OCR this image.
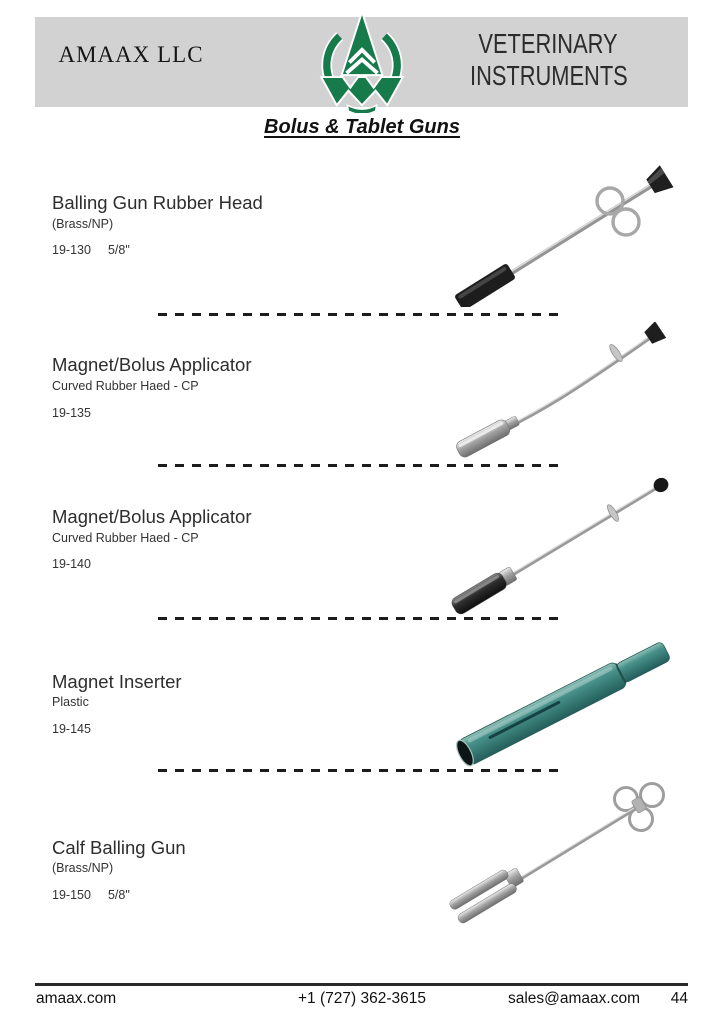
AMAAX LLC	VETERINARY
INSTRUMENTS
Bolus & Tablet Guns
Balling Gun Rubber Head
(Brass/NP)
19-130 5/8"
Magnet/Bolus Applicator
Curved Rubber Haed - CP
19-135
Magnet/Bolus Applicator
Curved Rubber Haed - CP
19-140
Magnet Inserter
Plastic
19-145
Calf Balling Gun
(Brass/NP)
19-150 5/8"
amaax.com	+1 (727) 362-3615	sales@amaax.com 44
